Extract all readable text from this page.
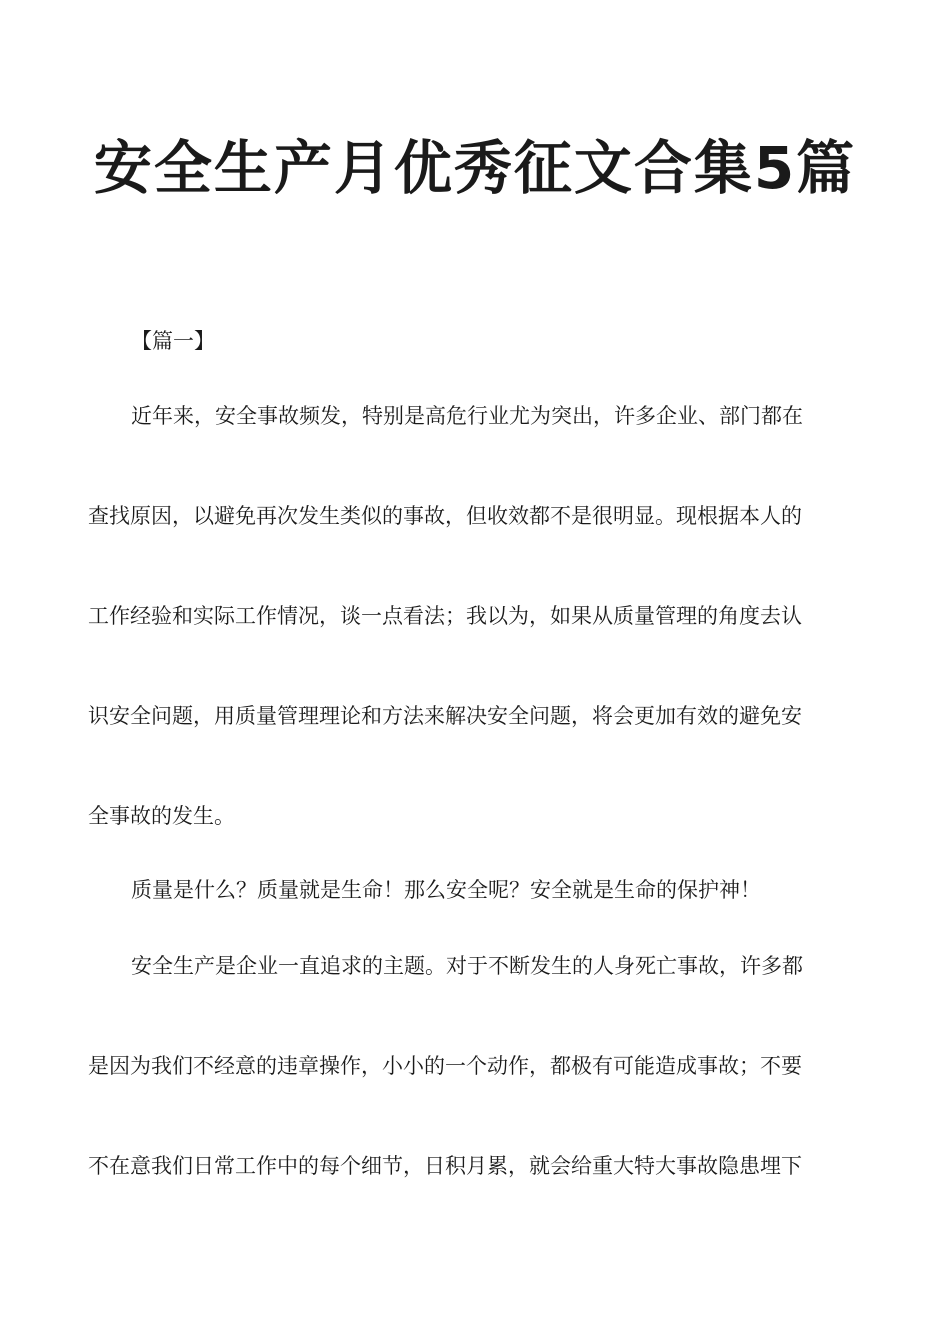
安全生产月优秀征文合集5篇

【篇一】

近年来，安全事故频发，特别是高危行业尤为突出，许多企业、部门都在
查找原因，以避免再次发生类似的事故，但收效都不是很明显。现根据本人的
工作经验和实际工作情况，谈一点看法；我以为，如果从质量管理的角度去认
识安全问题，用质量管理理论和方法来解决安全问题，将会更加有效的避免安
全事故的发生。
质量是什么？质量就是生命！那么安全呢？安全就是生命的保护神！
安全生产是企业一直追求的主题。对于不断发生的人身死亡事故，许多都
是因为我们不经意的违章操作，小小的一个动作，都极有可能造成事故；不要
不在意我们日常工作中的每个细节，日积月累，就会给重大特大事故隐患埋下
